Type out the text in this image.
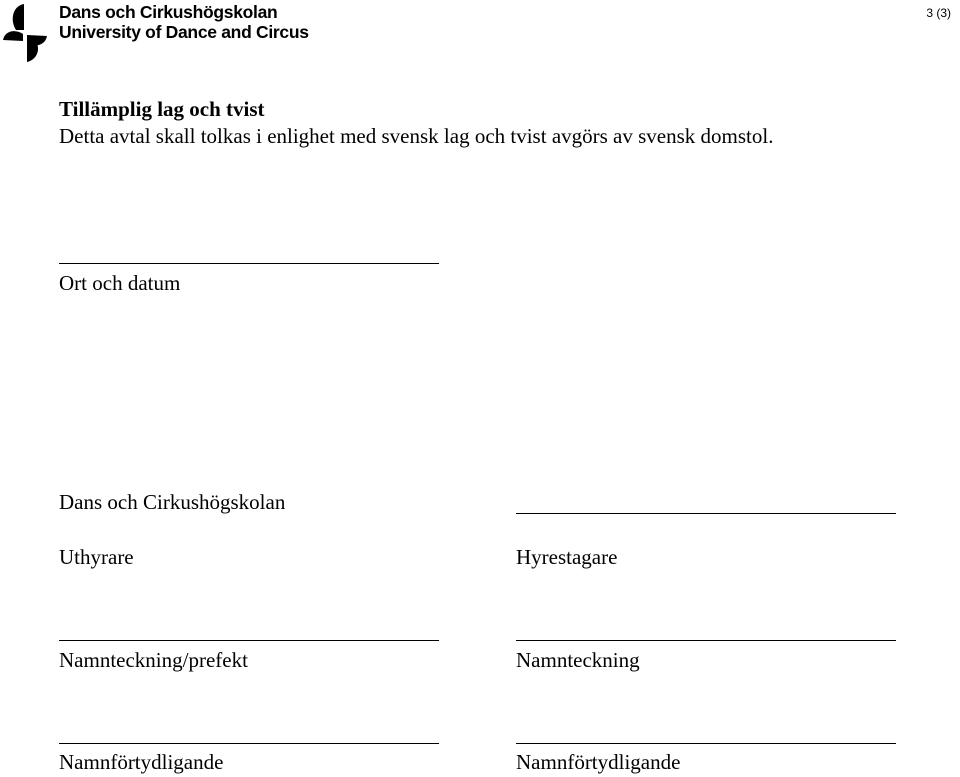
Dans och Cirkushögskolan
University of Dance and Circus
3 (3)
Tillämplig lag och tvist
Detta avtal skall tolkas i enlighet med svensk lag och tvist avgörs av svensk domstol.
Ort och datum
Dans och Cirkushögskolan
Uthyrare	Hyrestagare
Namnteckning/prefekt	Namnteckning
Namnförtydligande	Namnförtydligande
